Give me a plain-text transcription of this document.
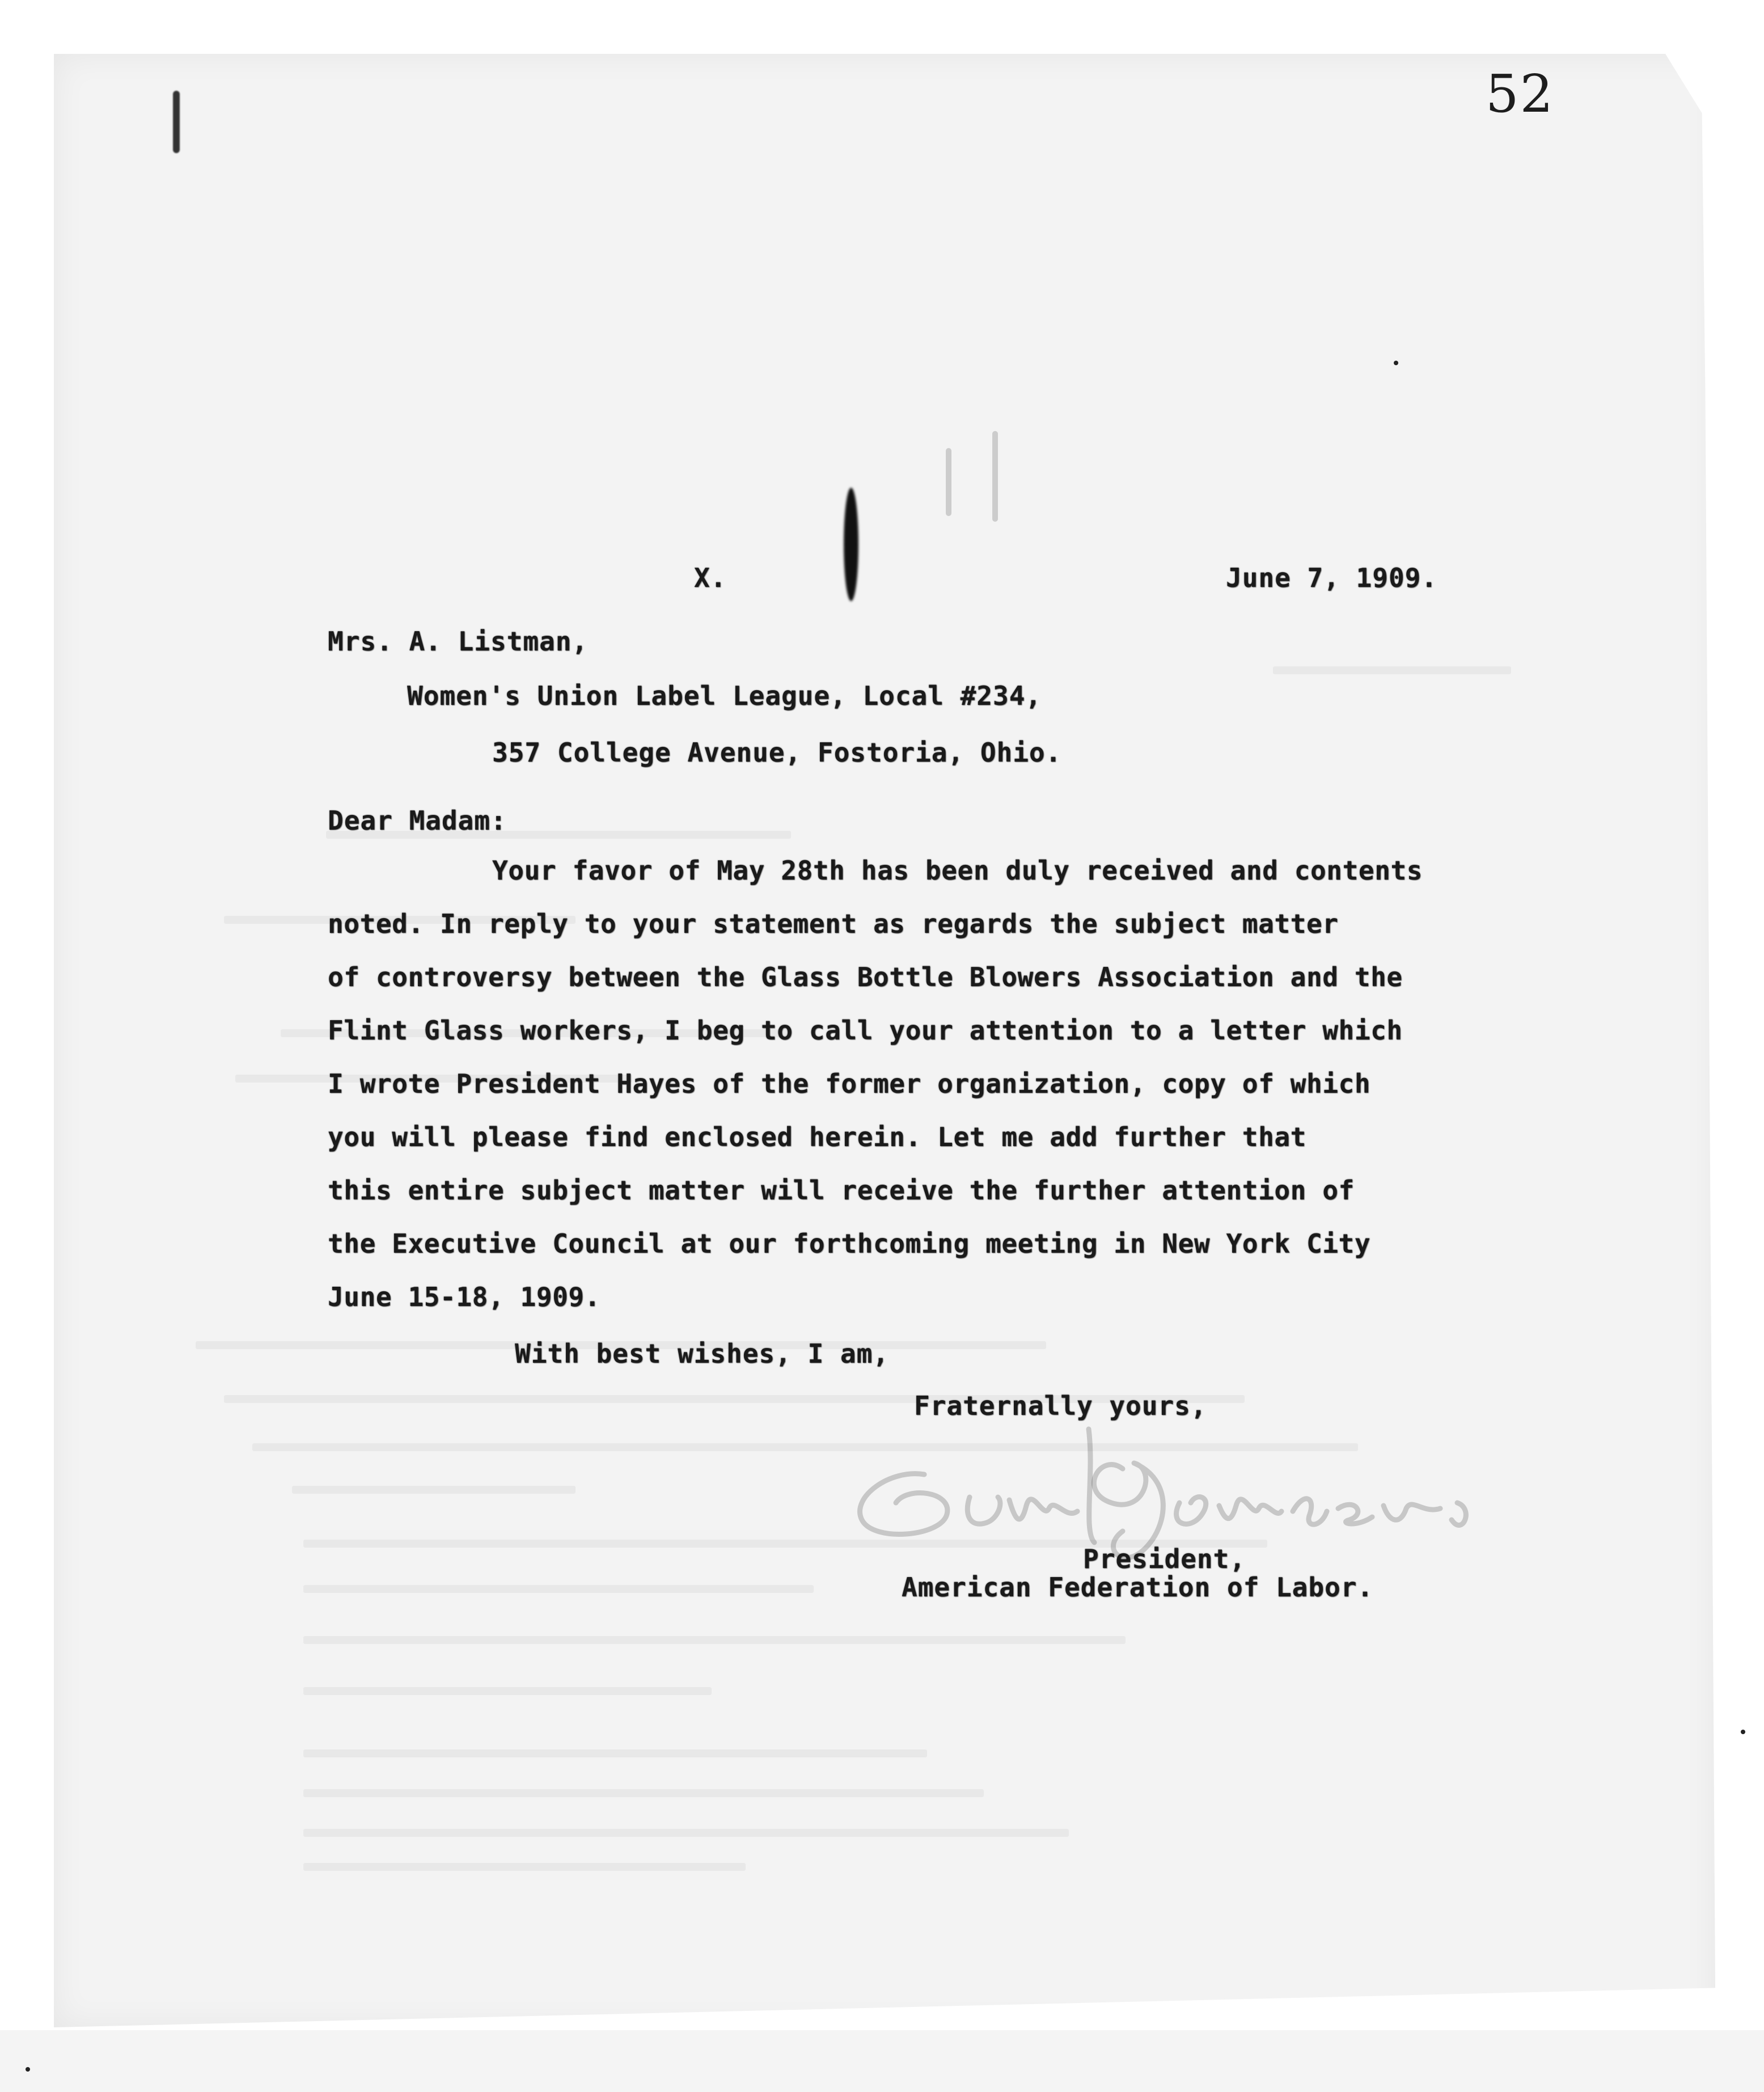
52
X.	June 7, 1909.
Mrs. A. Listman,
Women's Union Label League, Local #234,
357 College Avenue, Fostoria, Ohio.
Dear Madam:
Your favor of May 28th has been duly received and contents
noted. In reply to your statement as regards the subject matter
of controversy between the Glass Bottle Blowers Association and the
Flint Glass workers, I beg to call your attention to a letter which
I wrote President Hayes of the former organization, copy of which
you will please find enclosed herein. Let me add further that
this entire subject matter will receive the further attention of
the Executive Council at our forthcoming meeting in New York City
June 15-18, 1909.
With best wishes, I am,
Fraternally yours,
President,
American Federation of Labor.
